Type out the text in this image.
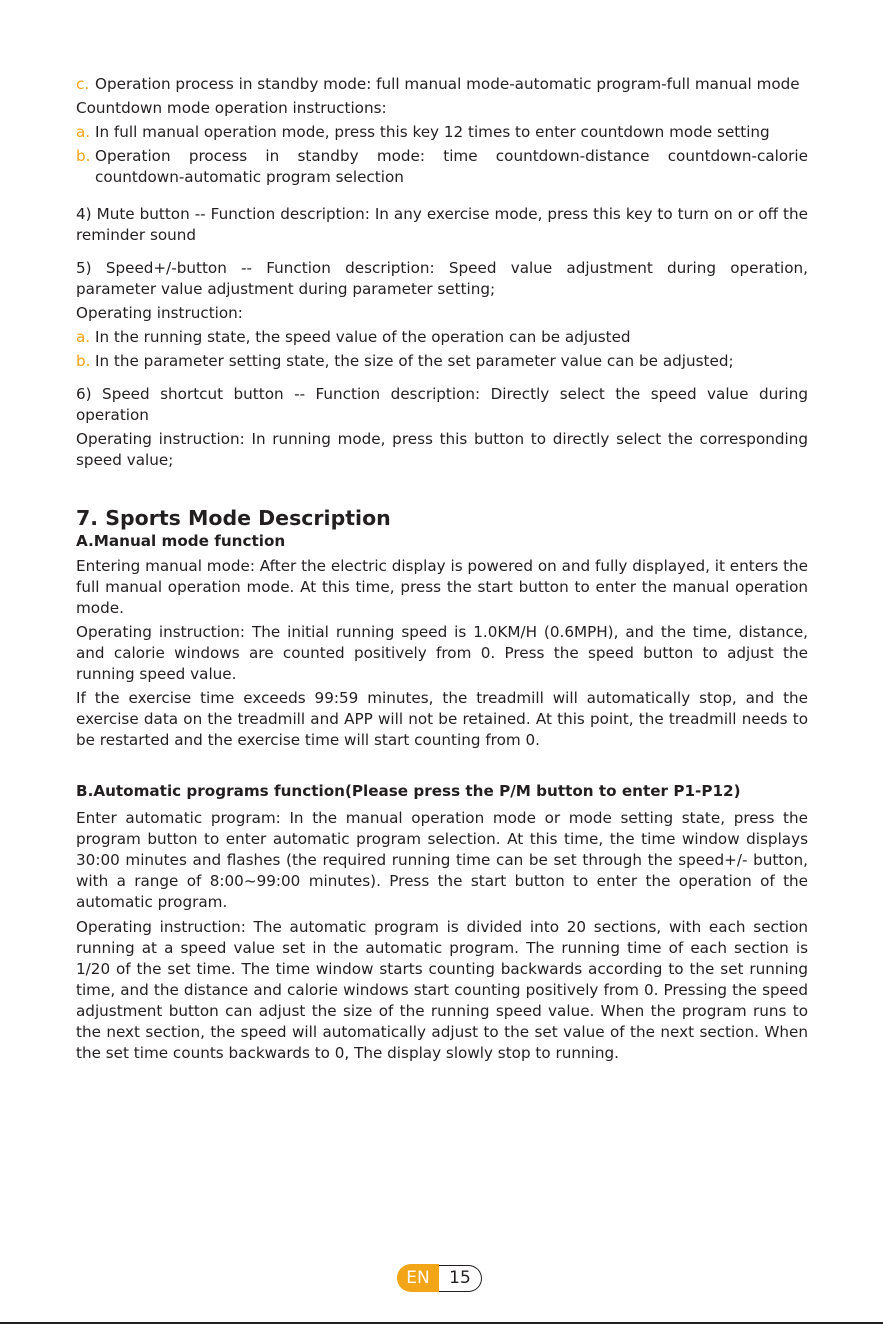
c. Operation process in standby mode: full manual mode-automatic program-full manual mode

Countdown mode operation instructions:

a. In full manual operation mode, press this key 12 times to enter countdown mode setting
b. Operation process in standby mode: time countdown-distance countdown-calorie countdown-automatic program selection

4) Mute button -- Function description: In any exercise mode, press this key to turn on or off the reminder sound

5) Speed+/-button -- Function description: Speed value adjustment during operation, parameter value adjustment during parameter setting;

Operating instruction:

a. In the running state, the speed value of the operation can be adjusted
b. In the parameter setting state, the size of the set parameter value can be adjusted;

6) Speed shortcut button -- Function description: Directly select the speed value during operation

Operating instruction: In running mode, press this button to directly select the corresponding speed value;

7. Sports Mode Description
A.Manual mode function

Entering manual mode: After the electric display is powered on and fully displayed, it enters the full manual operation mode. At this time, press the start button to enter the manual operation mode.

Operating instruction: The initial running speed is 1.0KM/H (0.6MPH), and the time, distance, and calorie windows are counted positively from 0. Press the speed button to adjust the running speed value.

If the exercise time exceeds 99:59 minutes, the treadmill will automatically stop, and the exercise data on the treadmill and APP will not be retained. At this point, the treadmill needs to be restarted and the exercise time will start counting from 0.

B.Automatic programs function(Please press the P/M button to enter P1-P12)

Enter automatic program: In the manual operation mode or mode setting state, press the program button to enter automatic program selection. At this time, the time window displays 30:00 minutes and flashes (the required running time can be set through the speed+/- button, with a range of 8:00~99:00 minutes). Press the start button to enter the operation of the automatic program.

Operating instruction: The automatic program is divided into 20 sections, with each section running at a speed value set in the automatic program. The running time of each section is 1/20 of the set time. The time window starts counting backwards according to the set running time, and the distance and calorie windows start counting positively from 0. Pressing the speed adjustment button can adjust the size of the running speed value. When the program runs to the next section, the speed will automatically adjust to the set value of the next section. When the set time counts backwards to 0, The display slowly stop to running.

EN	15
